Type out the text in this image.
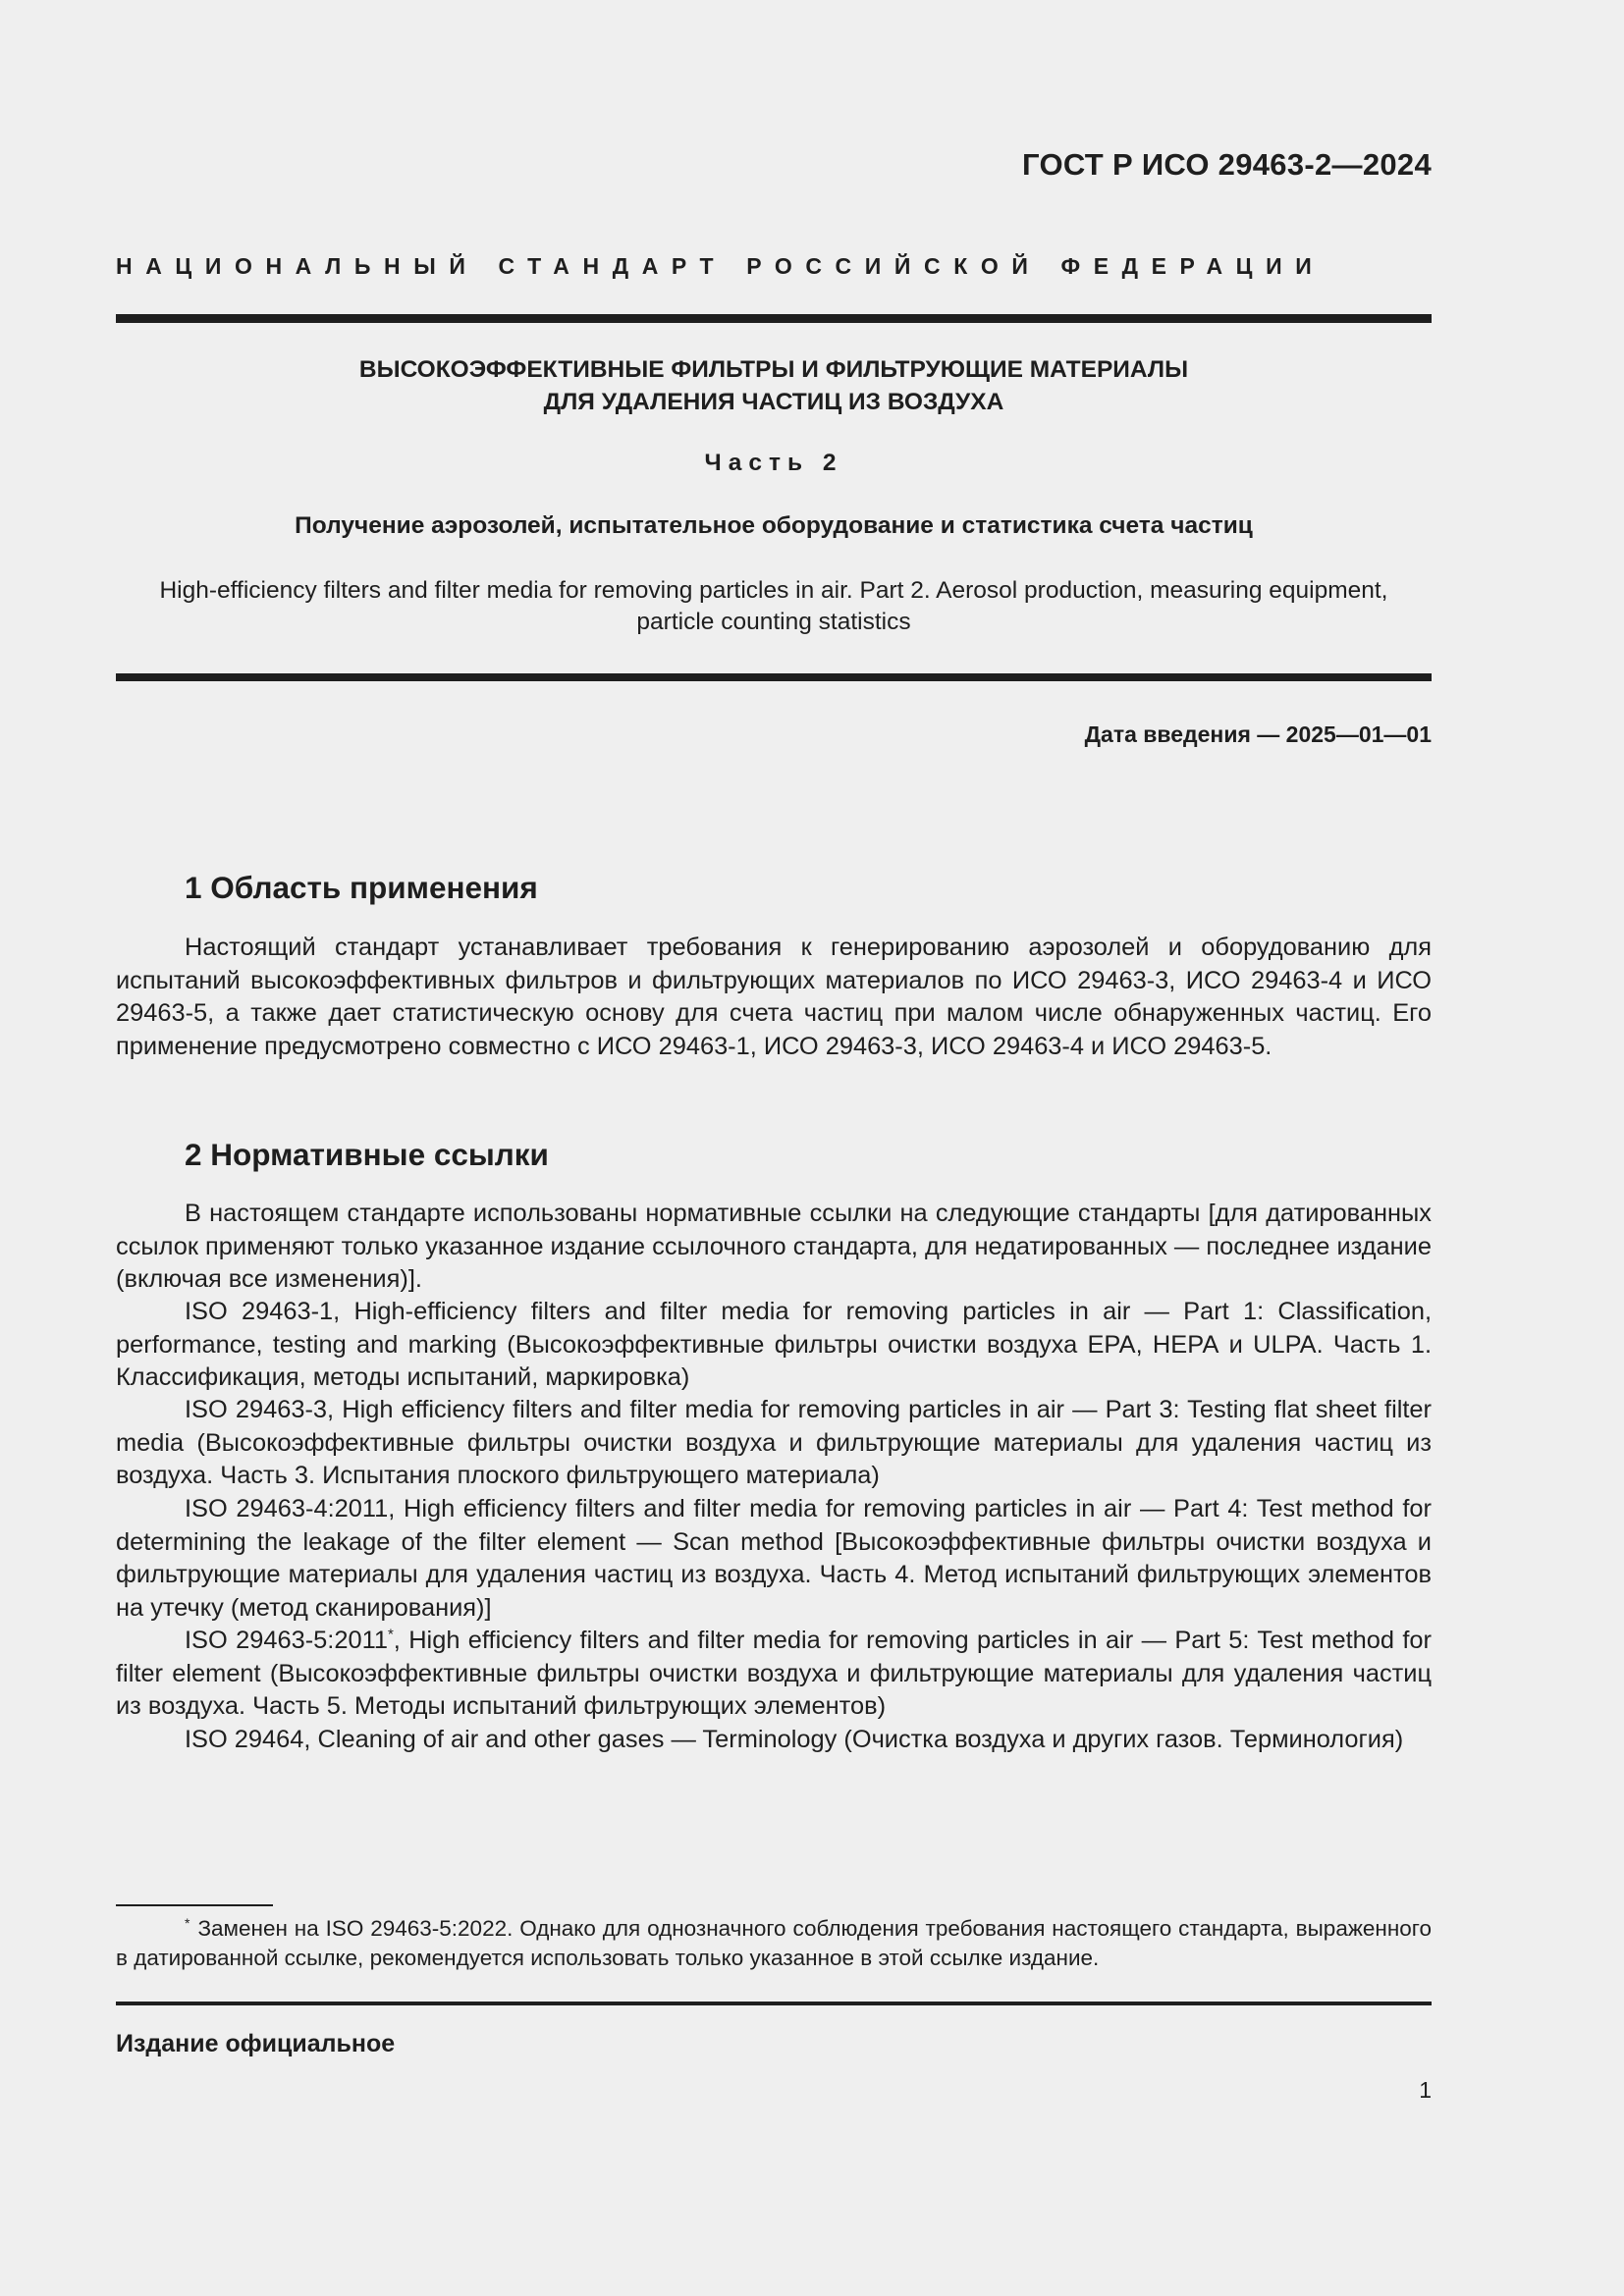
ГОСТ Р ИСО 29463-2—2024
НАЦИОНАЛЬНЫЙ СТАНДАРТ РОССИЙСКОЙ ФЕДЕРАЦИИ
ВЫСОКОЭФФЕКТИВНЫЕ ФИЛЬТРЫ И ФИЛЬТРУЮЩИЕ МАТЕРИАЛЫ
ДЛЯ УДАЛЕНИЯ ЧАСТИЦ ИЗ ВОЗДУХА
Часть 2
Получение аэрозолей, испытательное оборудование и статистика счета частиц
High-efficiency filters and filter media for removing particles in air. Part 2. Aerosol production, measuring equipment,
particle counting statistics
Дата введения — 2025—01—01
1 Область применения
Настоящий стандарт устанавливает требования к генерированию аэрозолей и оборудованию для испытаний высокоэффективных фильтров и фильтрующих материалов по ИСО 29463-3, ИСО 29463-4 и ИСО 29463-5, а также дает статистическую основу для счета частиц при малом числе обнаруженных частиц. Его применение предусмотрено совместно с ИСО 29463-1, ИСО 29463-3, ИСО 29463-4 и ИСО 29463-5.
2 Нормативные ссылки
В настоящем стандарте использованы нормативные ссылки на следующие стандарты [для датированных ссылок применяют только указанное издание ссылочного стандарта, для недатированных — последнее издание (включая все изменения)].
ISO 29463-1, High-efficiency filters and filter media for removing particles in air — Part 1: Classification, performance, testing and marking (Высокоэффективные фильтры очистки воздуха ЕРА, НЕРА и ULPA. Часть 1. Классификация, методы испытаний, маркировка)
ISO 29463-3, High efficiency filters and filter media for removing particles in air — Part 3: Testing flat sheet filter media (Высокоэффективные фильтры очистки воздуха и фильтрующие материалы для удаления частиц из воздуха. Часть 3. Испытания плоского фильтрующего материала)
ISO 29463-4:2011, High efficiency filters and filter media for removing particles in air — Part 4: Test method for determining the leakage of the filter element — Scan method [Высокоэффективные фильтры очистки воздуха и фильтрующие материалы для удаления частиц из воздуха. Часть 4. Метод испытаний фильтрующих элементов на утечку (метод сканирования)]
ISO 29463-5:2011*, High efficiency filters and filter media for removing particles in air — Part 5: Test method for filter element (Высокоэффективные фильтры очистки воздуха и фильтрующие материалы для удаления частиц из воздуха. Часть 5. Методы испытаний фильтрующих элементов)
ISO 29464, Cleaning of air and other gases — Terminology (Очистка воздуха и других газов. Терминология)
* Заменен на ISO 29463-5:2022. Однако для однозначного соблюдения требования настоящего стандарта, выраженного в датированной ссылке, рекомендуется использовать только указанное в этой ссылке издание.
Издание официальное
1
